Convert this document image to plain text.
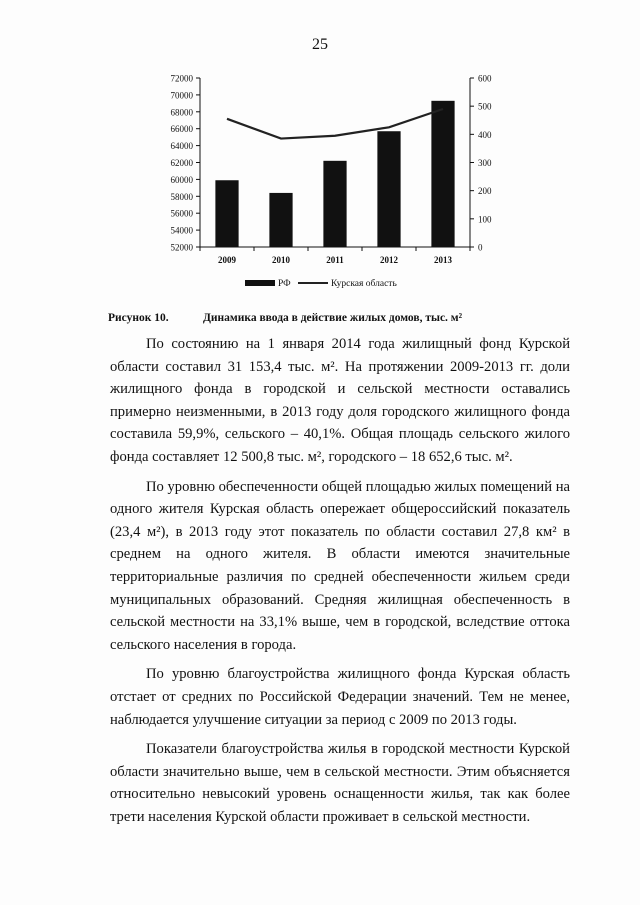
25
52000
54000
56000
58000
60000
62000
64000
66000
68000
70000
72000
0
100
200
300
400
500
600
2009	2010	2011	2012	2013
РФ	Курская область
Рисунок 10.	Динамика ввода в действие жилых домов, тыс. м²

По состоянию на 1 января 2014 года жилищный фонд Курской области составил 31 153,4 тыс. м². На протяжении 2009-2013 гг. доли жилищного фонда в городской и сельской местности оставались примерно неизменными, в 2013 году доля городского жилищного фонда составила 59,9%, сельского – 40,1%. Общая площадь сельского жилого фонда составляет 12 500,8 тыс. м², городского – 18 652,6 тыс. м².

По уровню обеспеченности общей площадью жилых помещений на одного жителя Курская область опережает общероссийский показатель (23,4 м²), в 2013 году этот показатель по области составил 27,8 км² в среднем на одного жителя. В области имеются значительные территориальные различия по средней обеспеченности жильем среди муниципальных образований. Средняя жилищная обеспеченность в сельской местности на 33,1% выше, чем в городской, вследствие оттока сельского населения в города.

По уровню благоустройства жилищного фонда Курская область отстает от средних по Российской Федерации значений. Тем не менее, наблюдается улучшение ситуации за период с 2009 по 2013 годы.

Показатели благоустройства жилья в городской местности Курской области значительно выше, чем в сельской местности. Этим объясняется относительно невысокий уровень оснащенности жилья, так как более трети населения Курской области проживает в сельской местности.
